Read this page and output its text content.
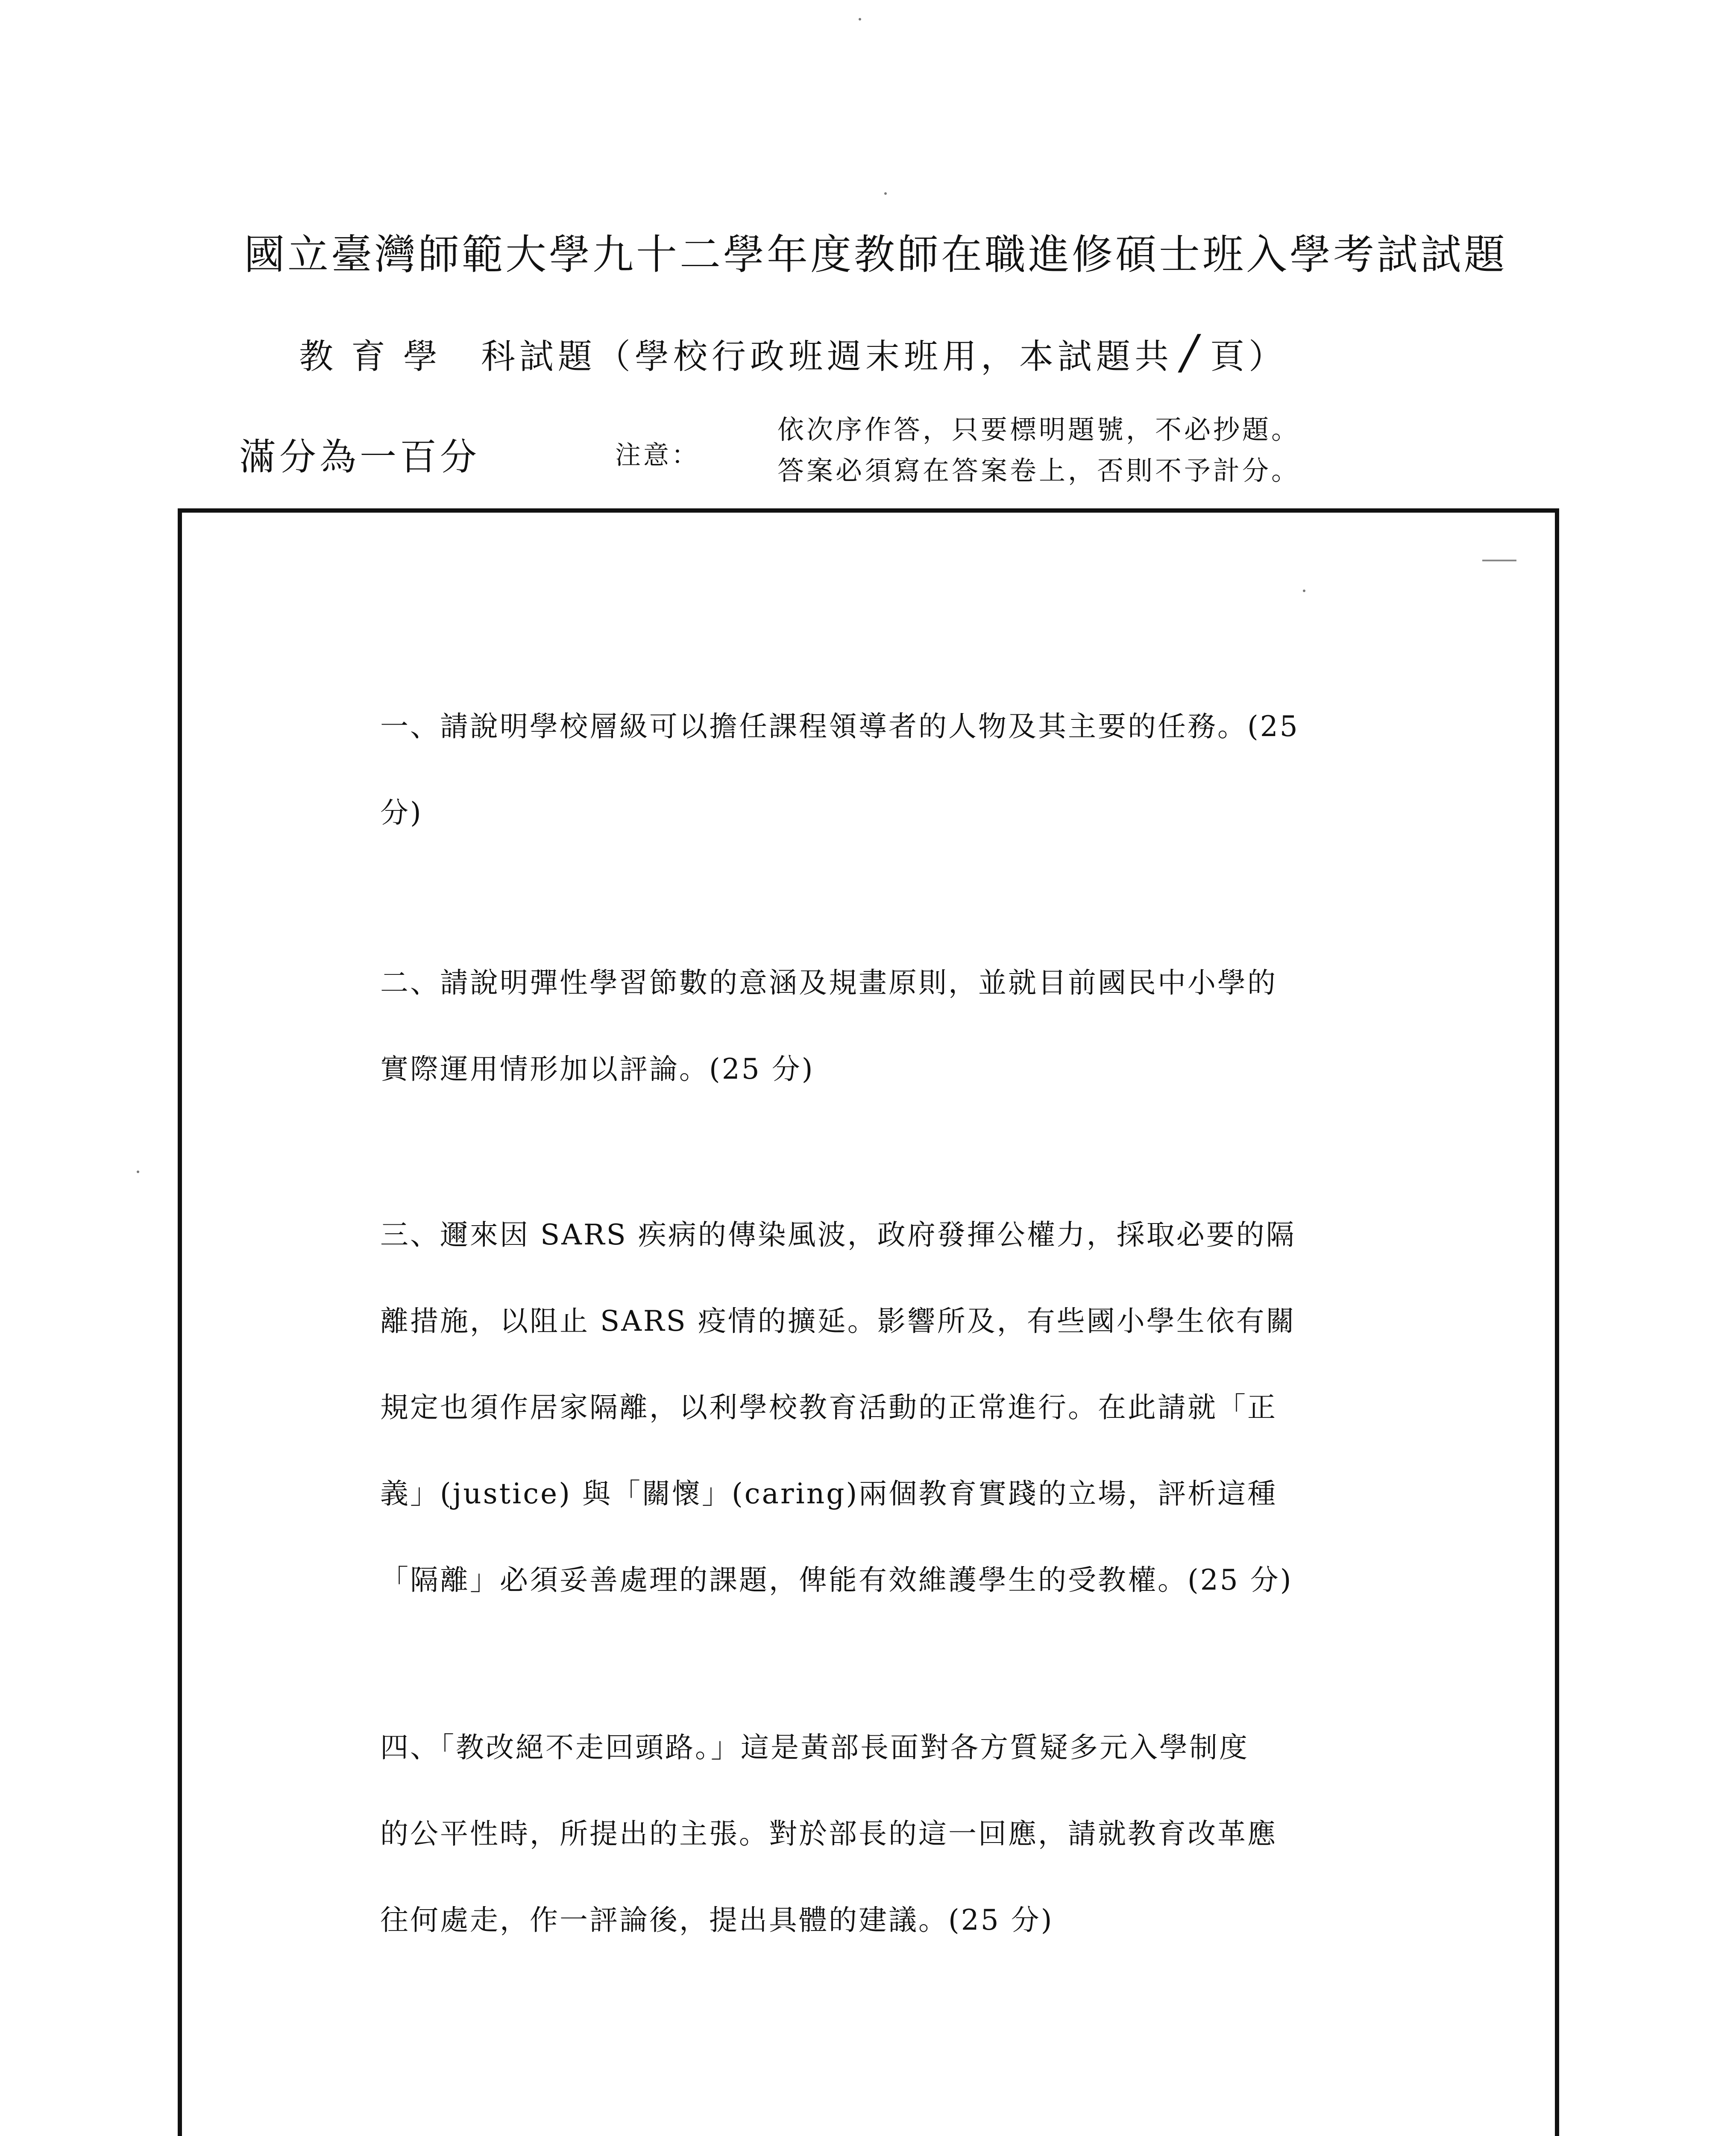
國立臺灣師範大學九十二學年度教師在職進修碩士班入學考試試題
教育學 科試題（學校行政班週末班用，本試題共 / 頁）
滿分為一百分	注意：
依次序作答，只要標明題號，不必抄題。
答案必須寫在答案卷上，否則不予計分。
一、請說明學校層級可以擔任課程領導者的人物及其主要的任務。(25
分)
二、請說明彈性學習節數的意涵及規畫原則，並就目前國民中小學的
實際運用情形加以評論。(25 分)
三、邇來因 SARS 疾病的傳染風波，政府發揮公權力，採取必要的隔
離措施，以阻止 SARS 疫情的擴延。影響所及，有些國小學生依有關
規定也須作居家隔離，以利學校教育活動的正常進行。在此請就「正
義」(justice) 與「關懷」(caring)兩個教育實踐的立場，評析這種
「隔離」必須妥善處理的課題，俾能有效維護學生的受教權。(25 分)
四、「教改絕不走回頭路。」這是黃部長面對各方質疑多元入學制度
的公平性時，所提出的主張。對於部長的這一回應，請就教育改革應
往何處走，作一評論後，提出具體的建議。(25 分)
